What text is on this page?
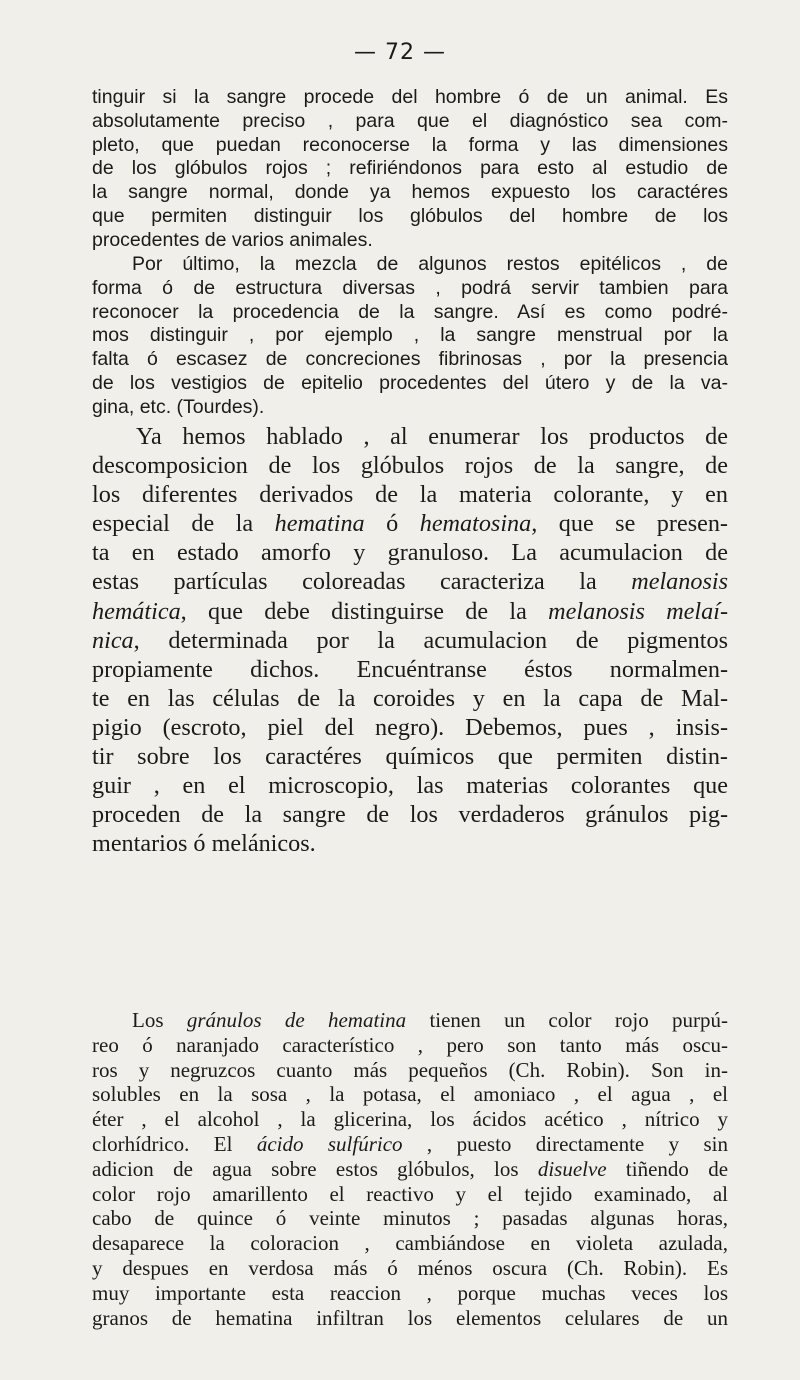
— 72 —
tinguir si la sangre procede del hombre ó de un animal. Es
absolutamente preciso , para que el diagnóstico sea com-
pleto, que puedan reconocerse la forma y las dimensiones
de los glóbulos rojos ; refiriéndonos para esto al estudio de
la sangre normal, donde ya hemos expuesto los caractéres
que permiten distinguir los glóbulos del hombre de los
procedentes de varios animales.
Por último, la mezcla de algunos restos epitélicos , de
forma ó de estructura diversas , podrá servir tambien para
reconocer la procedencia de la sangre. Así es como podré-
mos distinguir , por ejemplo , la sangre menstrual por la
falta ó escasez de concreciones fibrinosas , por la presencia
de los vestigios de epitelio procedentes del útero y de la va-
gina, etc. (Tourdes).
Ya hemos hablado , al enumerar los productos de
descomposicion de los glóbulos rojos de la sangre, de
los diferentes derivados de la materia colorante, y en
especial de la hematina ó hematosina, que se presen-
ta en estado amorfo y granuloso. La acumulacion de
estas partículas coloreadas caracteriza la melanosis
hemática, que debe distinguirse de la melanosis melaí-
nica, determinada por la acumulacion de pigmentos
propiamente dichos. Encuéntranse éstos normalmen-
te en las células de la coroides y en la capa de Mal-
pigio (escroto, piel del negro). Debemos, pues , insis-
tir sobre los caractéres químicos que permiten distin-
guir , en el microscopio, las materias colorantes que
proceden de la sangre de los verdaderos gránulos pig-
mentarios ó melánicos.
Los gránulos de hematina tienen un color rojo purpú-
reo ó naranjado característico , pero son tanto más oscu-
ros y negruzcos cuanto más pequeños (Ch. Robin). Son in-
solubles en la sosa , la potasa, el amoniaco , el agua , el
éter , el alcohol , la glicerina, los ácidos acético , nítrico y
clorhídrico. El ácido sulfúrico , puesto directamente y sin
adicion de agua sobre estos glóbulos, los disuelve tiñendo de
color rojo amarillento el reactivo y el tejido examinado, al
cabo de quince ó veinte minutos ; pasadas algunas horas,
desaparece la coloracion , cambiándose en violeta azulada,
y despues en verdosa más ó ménos oscura (Ch. Robin). Es
muy importante esta reaccion , porque muchas veces los
granos de hematina infiltran los elementos celulares de un
